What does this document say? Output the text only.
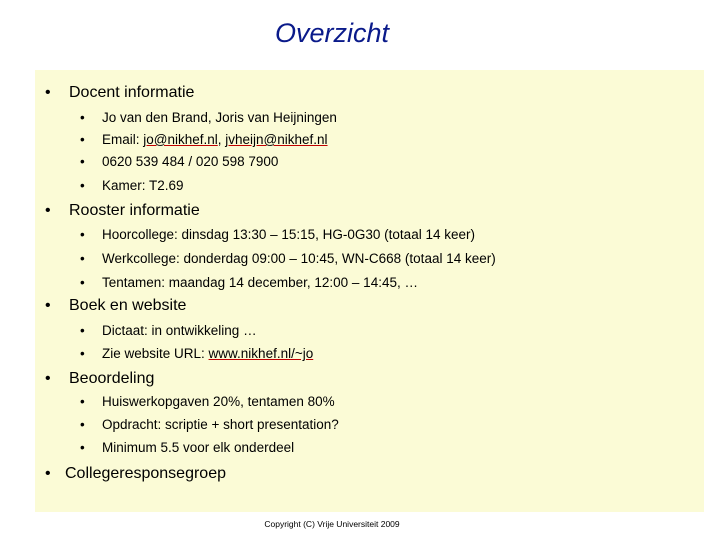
Overzicht
• Docent informatie
• Jo van den Brand, Joris van Heijningen
• Email: jo@nikhef.nl, jvheijn@nikhef.nl
• 0620 539 484 / 020 598 7900
• Kamer: T2.69
• Rooster informatie
• Hoorcollege: dinsdag 13:30 – 15:15, HG-0G30 (totaal 14 keer)
• Werkcollege: donderdag 09:00 – 10:45, WN-C668 (totaal 14 keer)
• Tentamen: maandag 14 december, 12:00 – 14:45, …
• Boek en website
• Dictaat: in ontwikkeling …
• Zie website URL: www.nikhef.nl/~jo
• Beoordeling
• Huiswerkopgaven 20%, tentamen 80%
• Opdracht: scriptie + short presentation?
• Minimum 5.5 voor elk onderdeel
• Collegeresponsegroep
Copyright (C) Vrije Universiteit 2009
